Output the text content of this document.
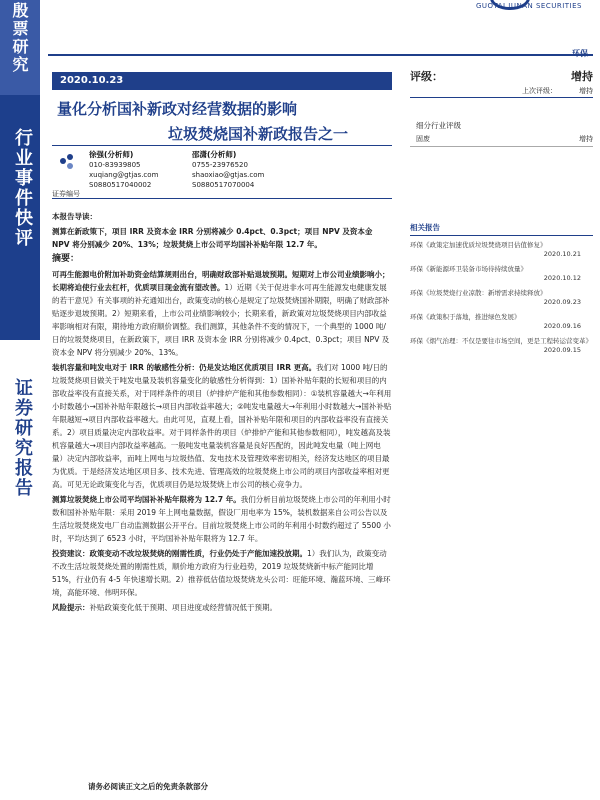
殷票研究
行业事件快评
证券研究报告
GUOTAI JUNAN SECURITIES
环保
2020.10.23
量化分析国补新政对经营数据的影响
垃圾焚烧国补新政报告之一
证券编号
徐强(分析师)
010-83939805
xuqiang@gtjas.com
S0880517040002
邵潇(分析师)
0755-23976520
shaoxiao@gtjas.com
S0880517070004

本报告导读：

测算在新政策下，项目 IRR 及资本金 IRR 分别将减少 0.4pct、0.3pct；项目 NPV 及资本金 NPV 将分别减少 20%、13%；垃圾焚烧上市公司平均国补补贴年限 12.7 年。

摘要：

可再生能源电价附加补助资金结算规则出台，明确财政部补贴退坡预期。短期对上市公司业绩影响小；长期将迫使行业去杠杆，优质项目现金流有望改善。1）近期《关于促进非水可再生能源发电健康发展的若干意见》有关事项的补充通知出台，政策变动的核心是规定了垃圾焚烧国补期限，明确了财政部补贴逐步退坡预期。2）短期来看，上市公司业绩影响较小；长期来看，新政策对垃圾焚烧项目内部收益率影响相对有限，期待地方政府顺价调整。我们测算，其他条件不变的情况下，一个典型的 1000 吨/日的垃圾焚烧项目，在新政策下，项目 IRR 及资本金 IRR 分别将减少 0.4pct、0.3pct；项目 NPV 及资本金 NPV 将分别减少 20%、13%。

装机容量和吨发电对于 IRR 的敏感性分析：仍是发达地区优质项目 IRR 更高。我们对 1000 吨/日的垃圾焚烧项目做关于吨发电量及装机容量变化的敏感性分析得到：1）国补补贴年限的长短和项目的内部收益率没有直接关系，对于同样条件的项目（炉排炉产能和其他参数相同）：①装机容量越大→年利用小时数越小→国补补贴年限越长→项目内部收益率越大；②吨发电量越大→年利用小时数越大→国补补贴年限越短→项目内部收益率越大。由此可见，直观上看，国补补贴年限和项目的内部收益率没有直接关系。2）项目质量决定内部收益率。对于同样条件的项目（炉排炉产能和其他参数相同），吨发越高及装机容量越大→项目内部收益率越高。一般吨发电量装机容量是良好匹配的，因此吨发电量（吨上网电量）决定内部收益率，而吨上网电与垃圾热值、发电技术及管理效率密切相关，经济发达地区的项目最为优质。于是经济发达地区项目多、技术先进、管理高效的垃圾焚烧上市公司的项目内部收益率相对更高。可见无论政策变化与否，优质项目仍是垃圾焚烧上市公司的核心竞争力。

测算垃圾焚烧上市公司平均国补补贴年限将为 12.7 年。我们分析目前垃圾焚烧上市公司的年利用小时数和国补补贴年限：采用 2019 年上网电量数据，假设厂用电率为 15%，装机数据来自公司公告以及生活垃圾焚烧发电厂自动监测数据公开平台。目前垃圾焚烧上市公司的年利用小时数约超过了 5500 小时，平均达到了 6523 小时，平均国补补贴年限将为 12.7 年。

投资建议：政策变动不改垃圾焚烧的刚需性质，行业仍处于产能加速投放期。1）我们认为，政策变动不改生活垃圾焚烧处置的刚需性质，顺价地方政府为行业趋势，2019 垃圾焚烧新中标产能同比增 51%，行业仍有 4-5 年快速增长期。2）推荐低估值垃圾焚烧龙头公司：旺能环境、瀚蓝环境、三峰环境，高能环境、伟明环保。

风险提示：补贴政策变化低于预期、项目进度或经营情况低于预期。

评级：	增持
上次评级：	增持
细分行业评级
固废	增持
相关报告
环保《政策定加速优质垃圾焚烧项目估值修复》
2020.10.21
环保《新能源环卫装备市场待持续放量》
2020.10.12
环保《垃圾焚烧行业凉散：新增需求持续释放》
2020.09.23
环保《政策积于落地，推进绿色发展》
2020.09.16
环保《烟气治理：不仅是要往市场空间，更是工程转运营变革》
2020.09.15
请务必阅读正文之后的免责条款部分
